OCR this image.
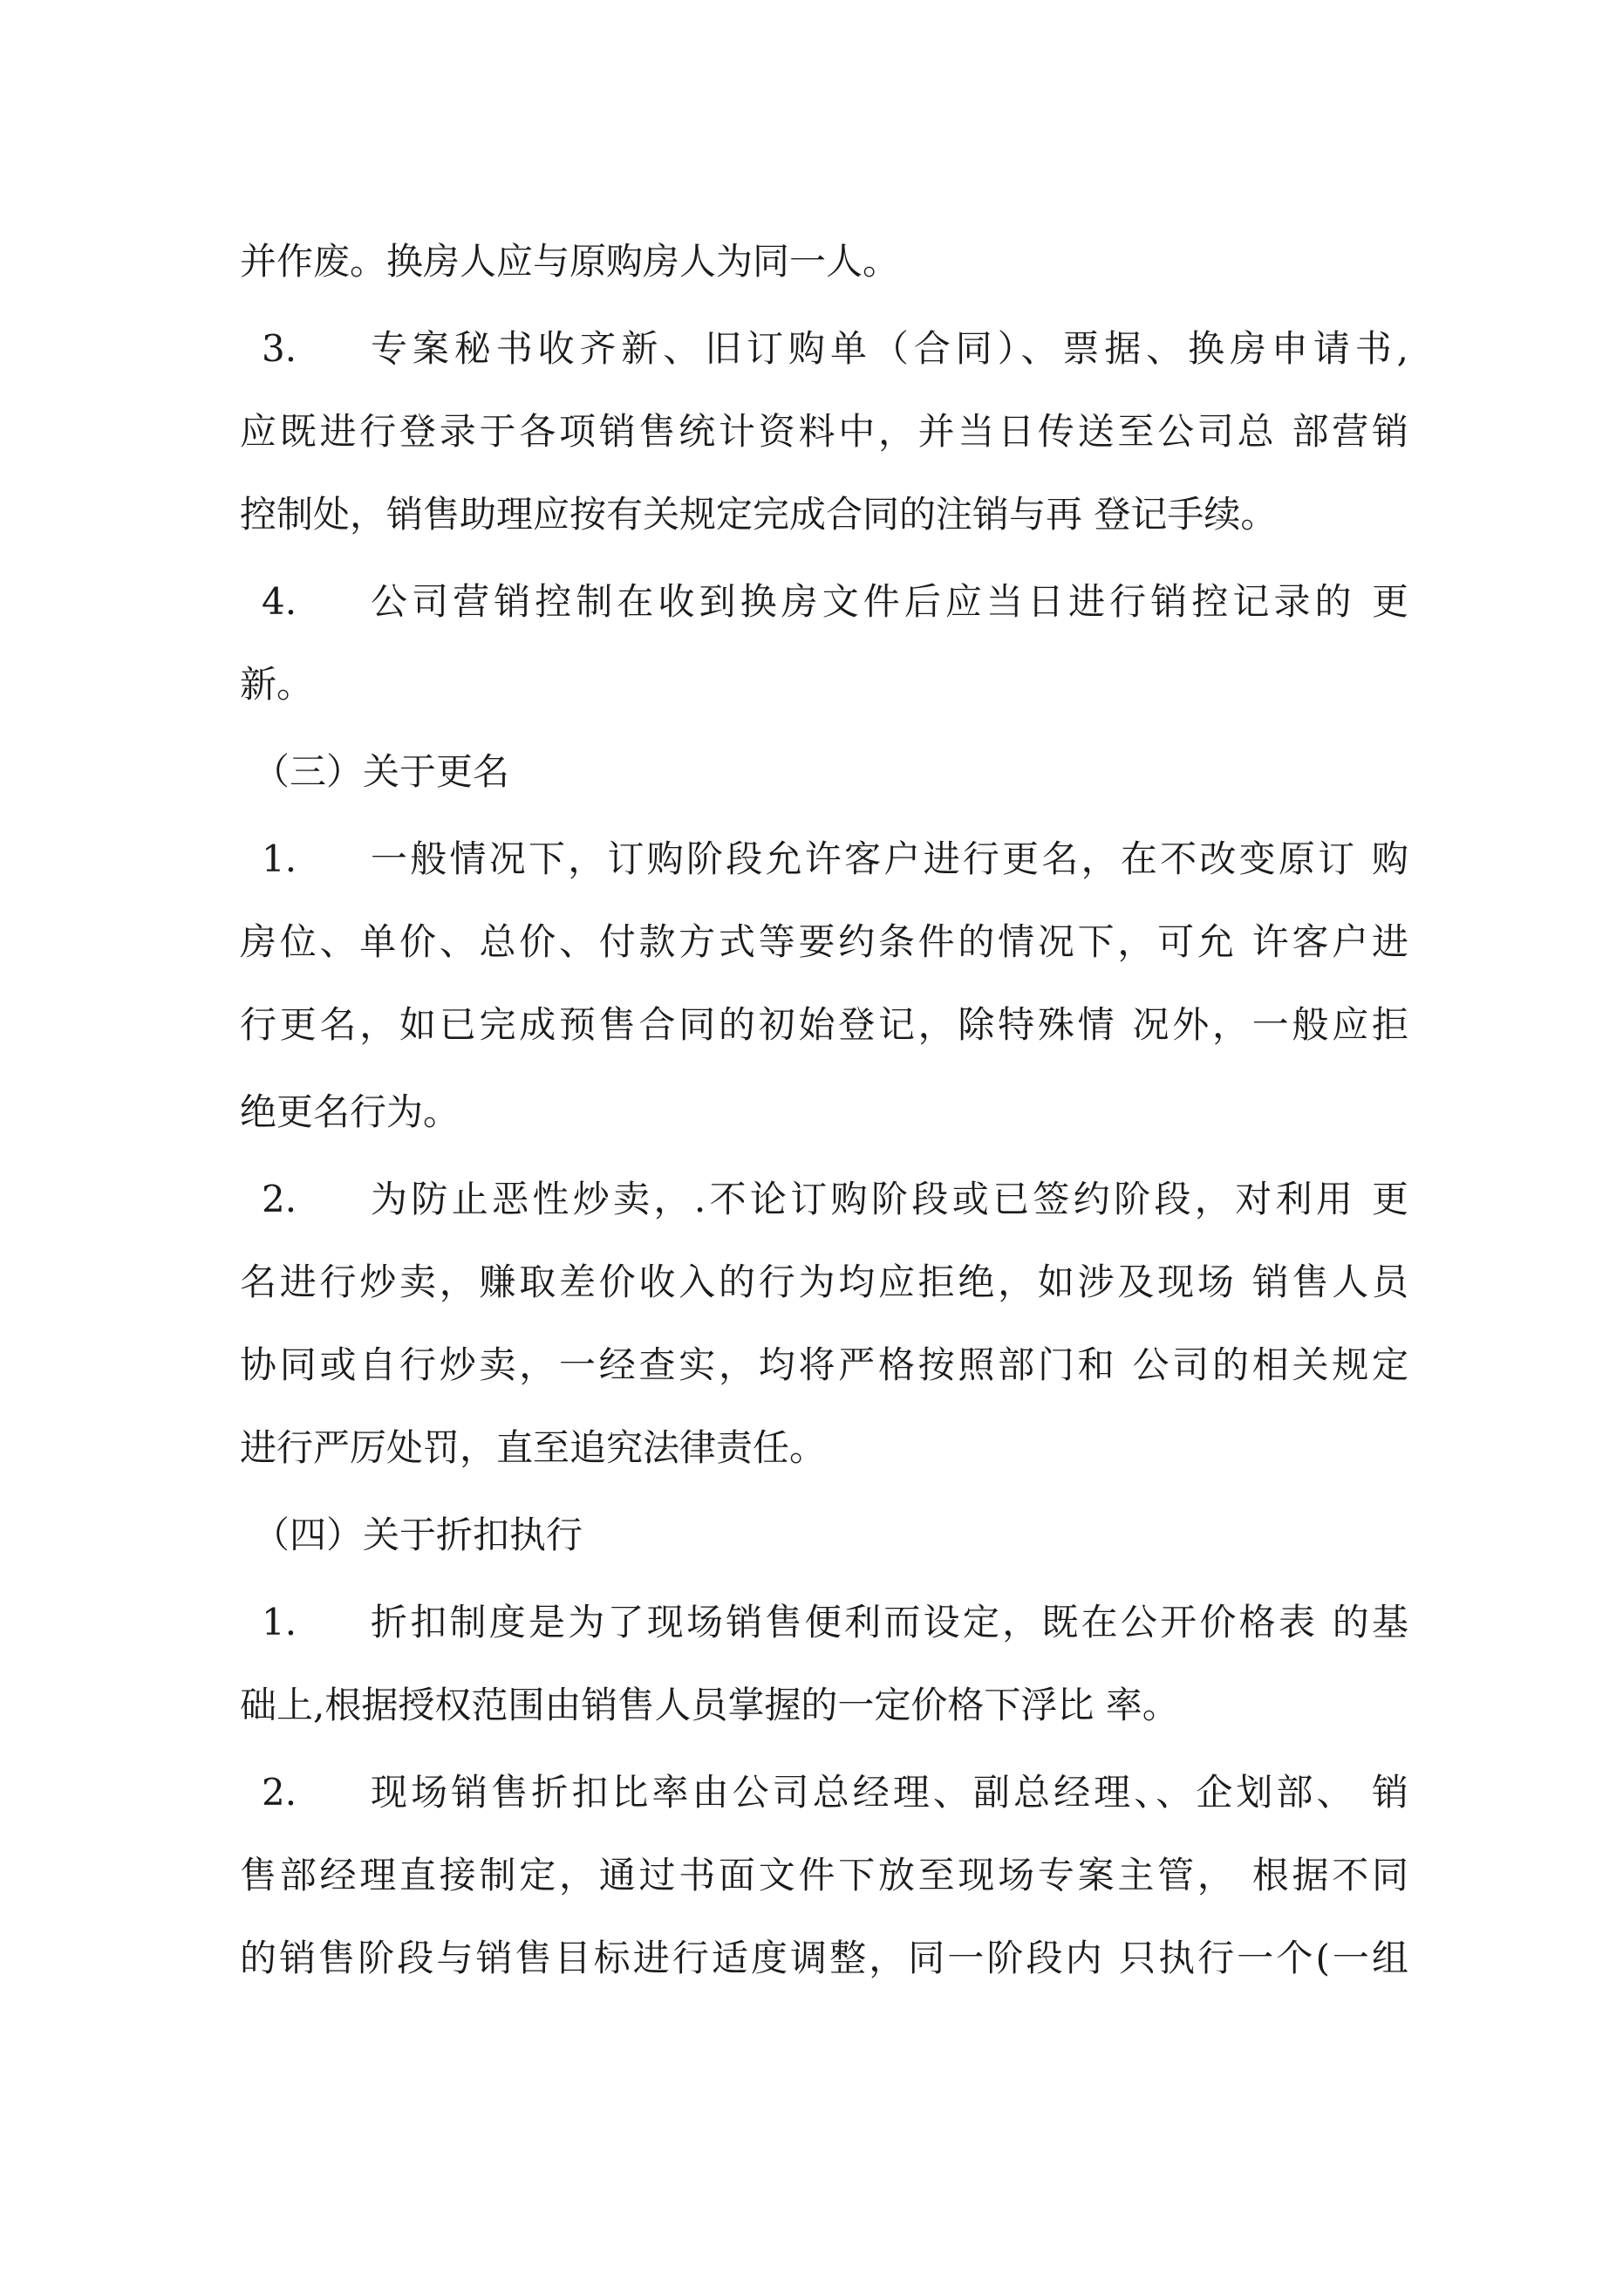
并作废。换房人应与原购房人为同一人。
3. 专案秘书收齐新、旧订购单（合同）、票据、换房申请书,
应既进行登录于各项销售统计资料中，并当日传送至公司总 部营销
控制处，销售助理应按有关规定完成合同的注销与再 登记手续。
4. 公司营销控制在收到换房文件后应当日进行销控记录的 更
新。
（三）关于更名
1. 一般情况下，订购阶段允许客户进行更名，在不改变原订 购
房位、单价、总价、付款方式等要约条件的情况下，可允 许客户进
行更名，如已完成预售合同的初始登记，除特殊情 况外，一般应拒
绝更名行为。
2. 为防止恶性炒卖，.不论订购阶段或已签约阶段，对利用 更
名进行炒卖，赚取差价收入的行为均应拒绝，如涉及现场 销售人员
协同或自行炒卖，一经查实，均将严格按照部门和 公司的相关规定
进行严厉处罚，直至追究法律责任。
（四）关于折扣执行
1. 折扣制度是为了现场销售便利而设定，既在公开价格表 的基
础上,根据授权范围由销售人员掌握的一定价格下浮比 率。
2. 现场销售折扣比率由公司总经理、副总经理、、企划部、 销
售部经理直接制定，通过书面文件下放至现场专案主管， 根据不同
的销售阶段与销售目标进行适度调整，同一阶段内 只执行一个(一组
